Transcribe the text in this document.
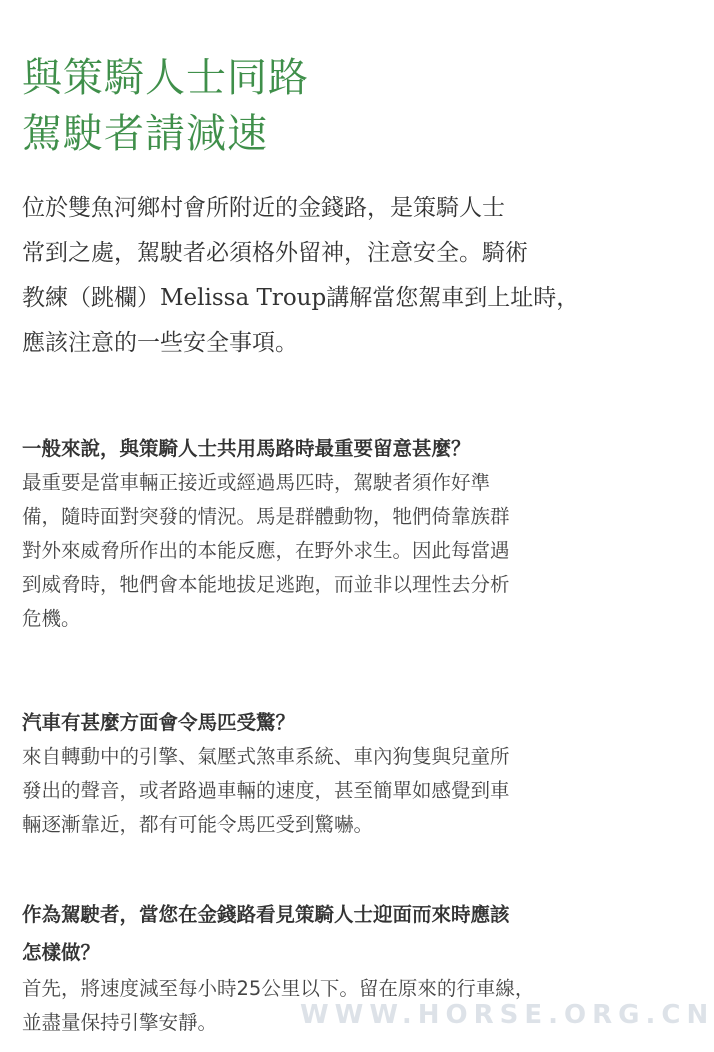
與策騎人士同路
駕駛者請減速

位於雙魚河鄉村會所附近的金錢路，是策騎人士
常到之處，駕駛者必須格外留神，注意安全。騎術
教練（跳欄）Melissa Troup講解當您駕車到上址時，
應該注意的一些安全事項。

一般來說，與策騎人士共用馬路時最重要留意甚麼？

最重要是當車輛正接近或經過馬匹時，駕駛者須作好準
備，隨時面對突發的情況。馬是群體動物，牠們倚靠族群
對外來威脅所作出的本能反應，在野外求生。因此每當遇
到威脅時，牠們會本能地拔足逃跑，而並非以理性去分析
危機。

汽車有甚麼方面會令馬匹受驚？

來自轉動中的引擎、氣壓式煞車系統、車內狗隻與兒童所
發出的聲音，或者路過車輛的速度，甚至簡單如感覺到車
輛逐漸靠近，都有可能令馬匹受到驚嚇。

作為駕駛者，當您在金錢路看見策騎人士迎面而來時應該
怎樣做？

首先，將速度減至每小時25公里以下。留在原來的行車線，
並盡量保持引擎安靜。	WWW.HORSE.ORG.CN
